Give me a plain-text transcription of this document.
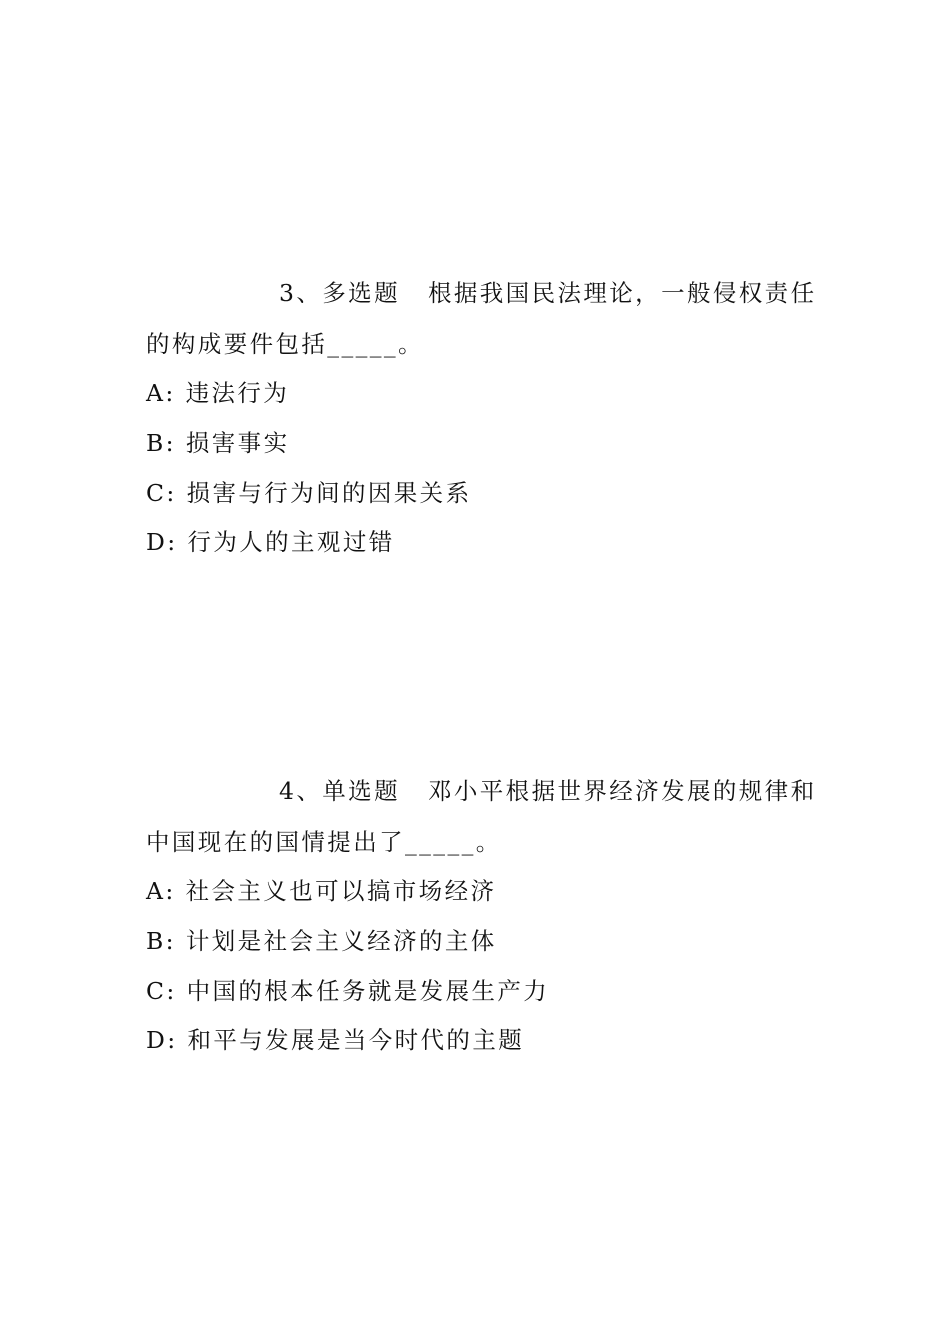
3、多选题 根据我国民法理论，一般侵权责任
的构成要件包括_____。
A: 违法行为
B: 损害事实
C: 损害与行为间的因果关系
D: 行为人的主观过错
4、单选题 邓小平根据世界经济发展的规律和
中国现在的国情提出了_____。
A: 社会主义也可以搞市场经济
B: 计划是社会主义经济的主体
C: 中国的根本任务就是发展生产力
D: 和平与发展是当今时代的主题
